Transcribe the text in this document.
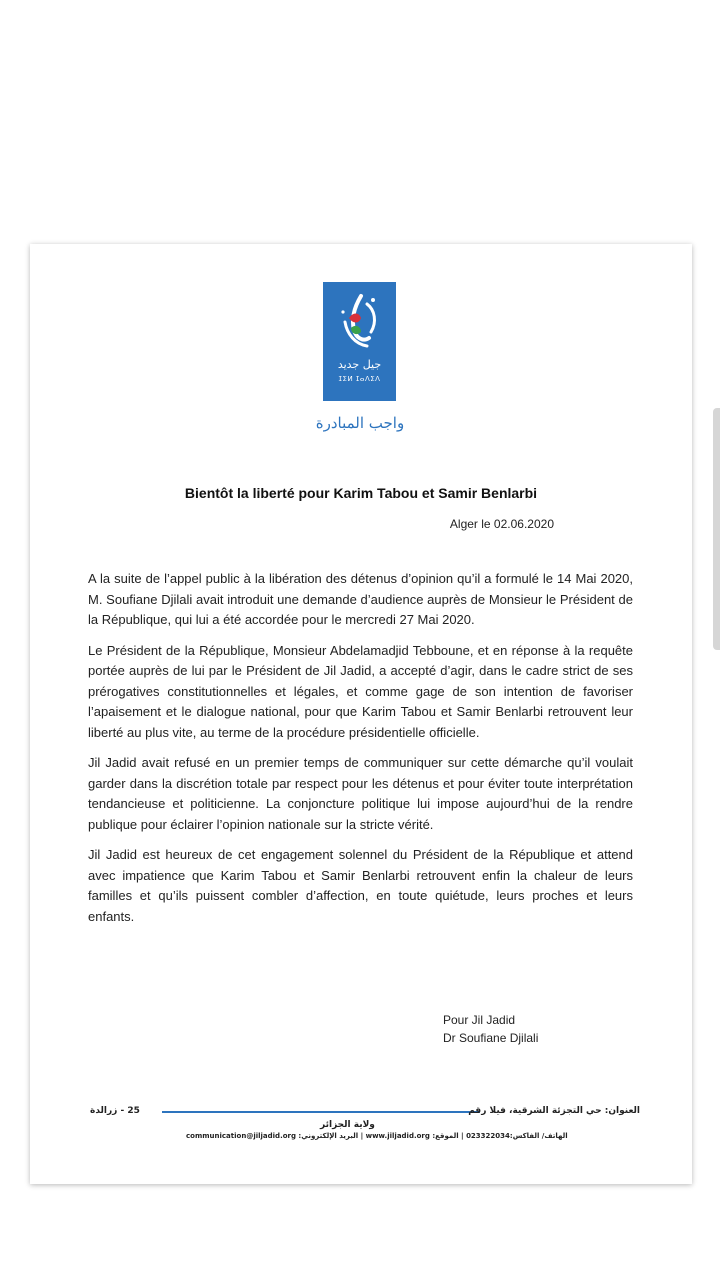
جيل جديد
ⵊⵉⵍ ⵊⴰⴷⵉⴷ
واجب المبادرة
Bientôt la liberté pour Karim Tabou et Samir Benlarbi
Alger le 02.06.2020

A la suite de l’appel public à la libération des détenus d’opinion qu’il a formulé le 14 Mai 2020, M. Soufiane Djilali avait introduit une demande d’audience auprès de Monsieur le Président de la République, qui lui a été accordée pour le mercredi 27 Mai 2020.

Le Président de la République, Monsieur Abdelamadjid Tebboune, et en réponse à la requête portée auprès de lui par le Président de Jil Jadid, a accepté d’agir, dans le cadre strict de ses prérogatives constitutionnelles et légales, et comme gage de son intention de favoriser l’apaisement et le dialogue national, pour que Karim Tabou et Samir Benlarbi retrouvent leur liberté au plus vite, au terme de la procédure présidentielle officielle.

Jil Jadid avait refusé en un premier temps de communiquer sur cette démarche qu’il voulait garder dans la discrétion totale par respect pour les détenus et pour éviter toute interprétation tendancieuse et politicienne. La conjoncture politique lui impose aujourd’hui de la rendre publique pour éclairer l’opinion nationale sur la stricte vérité.

Jil Jadid est heureux de cet engagement solennel du Président de la République et attend avec impatience que Karim Tabou et Samir Benlarbi retrouvent enfin la chaleur de leurs familles et qu’ils puissent combler d’affection, en toute quiétude, leurs proches et leurs enfants.

Pour Jil Jadid
Dr Soufiane Djilali
25 - زرالدة	العنوان: حي التجزئة الشرقية، فيلا رقم
ولاية الجزائر
الهاتف/ الفاكس:023322034 | الموقع: www.jiljadid.org | البريد الإلكتروني: communication@jiljadid.org
